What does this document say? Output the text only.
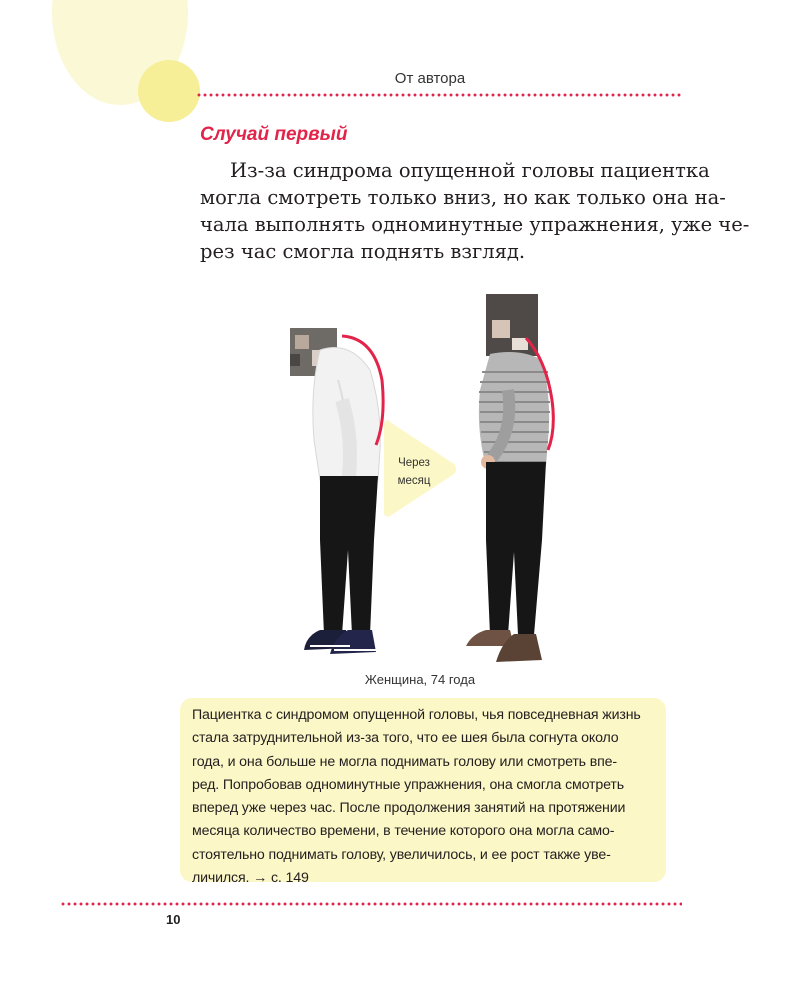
От автора
Случай первый

Из-за синдрома опущенной головы пациентка
могла смотреть только вниз, но как только она на-
чала выполнять одноминутные упражнения, уже че-
рез час смогла поднять взгляд.

Через
месяц
Женщина, 74 года
Пациентка с синдромом опущенной головы, чья повседневная жизнь
стала затруднительной из-за того, что ее шея была согнута около
года, и она больше не могла поднимать голову или смотреть впе-
ред. Попробовав одноминутные упражнения, она смогла смотреть
вперед уже через час. После продолжения занятий на протяжении
месяца количество времени, в течение которого она могла само-
стоятельно поднимать голову, увеличилось, и ее рост также уве-
личился. → с. 149
10
